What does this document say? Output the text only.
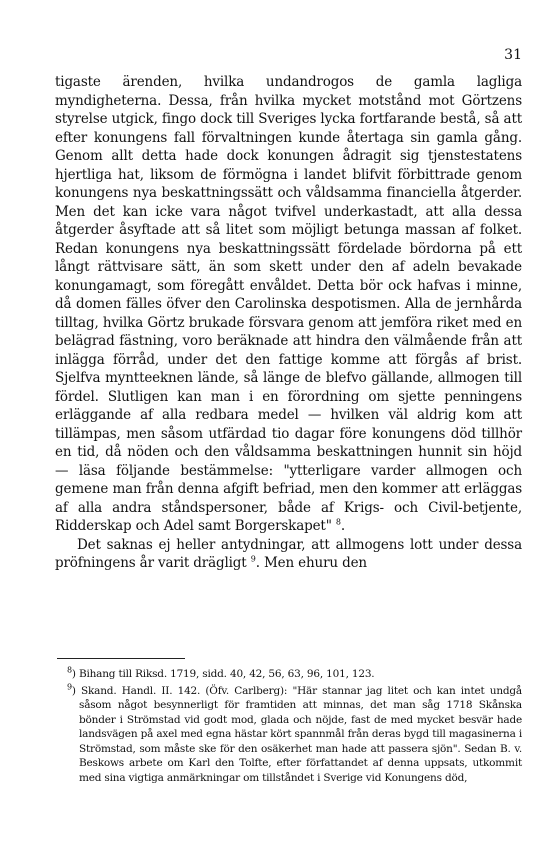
31

tigaste ärenden, hvilka undandrogos de gamla lagliga myndigheterna. Dessa, från hvilka mycket motstånd mot Görtzens styrelse utgick, fingo dock till Sveriges lycka fortfarande bestå, så att efter konungens fall förvaltningen kunde återtaga sin gamla gång. Genom allt detta hade dock konungen ådragit sig tjenstestatens hjertliga hat, liksom de förmögna i landet blifvit förbittrade genom konungens nya beskattningssätt och våldsamma financiella åtgerder. Men det kan icke vara något tvifvel underkastadt, att alla dessa åtgerder åsyftade att så litet som möjligt betunga massan af folket. Redan konungens nya beskattningssätt fördelade bördorna på ett långt rättvisare sätt, än som skett under den af adeln bevakade konungamagt, som föregått envåldet. Detta bör ock hafvas i minne, då domen fälles öfver den Carolinska despotismen. Alla de jernhårda tilltag, hvilka Görtz brukade försvara genom att jemföra riket med en belägrad fästning, voro beräknade att hindra den välmående från att inlägga förråd, under det den fattige komme att förgås af brist. Sjelfva myntteeknen lände, så länge de blefvo gällande, allmogen till fördel. Slutligen kan man i en förordning om sjette penningens erläggande af alla redbara medel — hvilken väl aldrig kom att tillämpas, men såsom utfärdad tio dagar före konungens död tillhör en tid, då nöden och den våldsamma beskattningen hunnit sin höjd — läsa följande bestämmelse: "ytterligare varder allmogen och gemene man från denna afgift befriad, men den kommer att erläggas af alla andra ståndspersoner, både af Krigs- och Civil-betjente, Ridderskap och Adel samt Borgerskapet" $^8$.

Det saknas ej heller antydningar, att allmogens lott under dessa pröfningens år varit drägligt $^9$. Men ehuru den

$^8$) Bihang till Riksd. 1719, sidd. 40, 42, 56, 63, 96, 101, 123.

$^9$) Skand. Handl. II. 142. (Öfv. Carlberg): "Här stannar jag litet och kan intet undgå såsom något besynnerligt för framtiden att minnas, det man såg 1718 Skånska bönder i Strömstad vid godt mod, glada och nöjde, fast de med mycket besvär hade landsvägen på axel med egna hästar kört spannmål från deras bygd till magasinerna i Strömstad, som måste ske för den osäkerhet man hade att passera sjön". Sedan B. v. Beskows arbete om Karl den Tolfte, efter författandet af denna uppsats, utkommit med sina vigtiga anmärkningar om tillståndet i Sverige vid Konungens död,
